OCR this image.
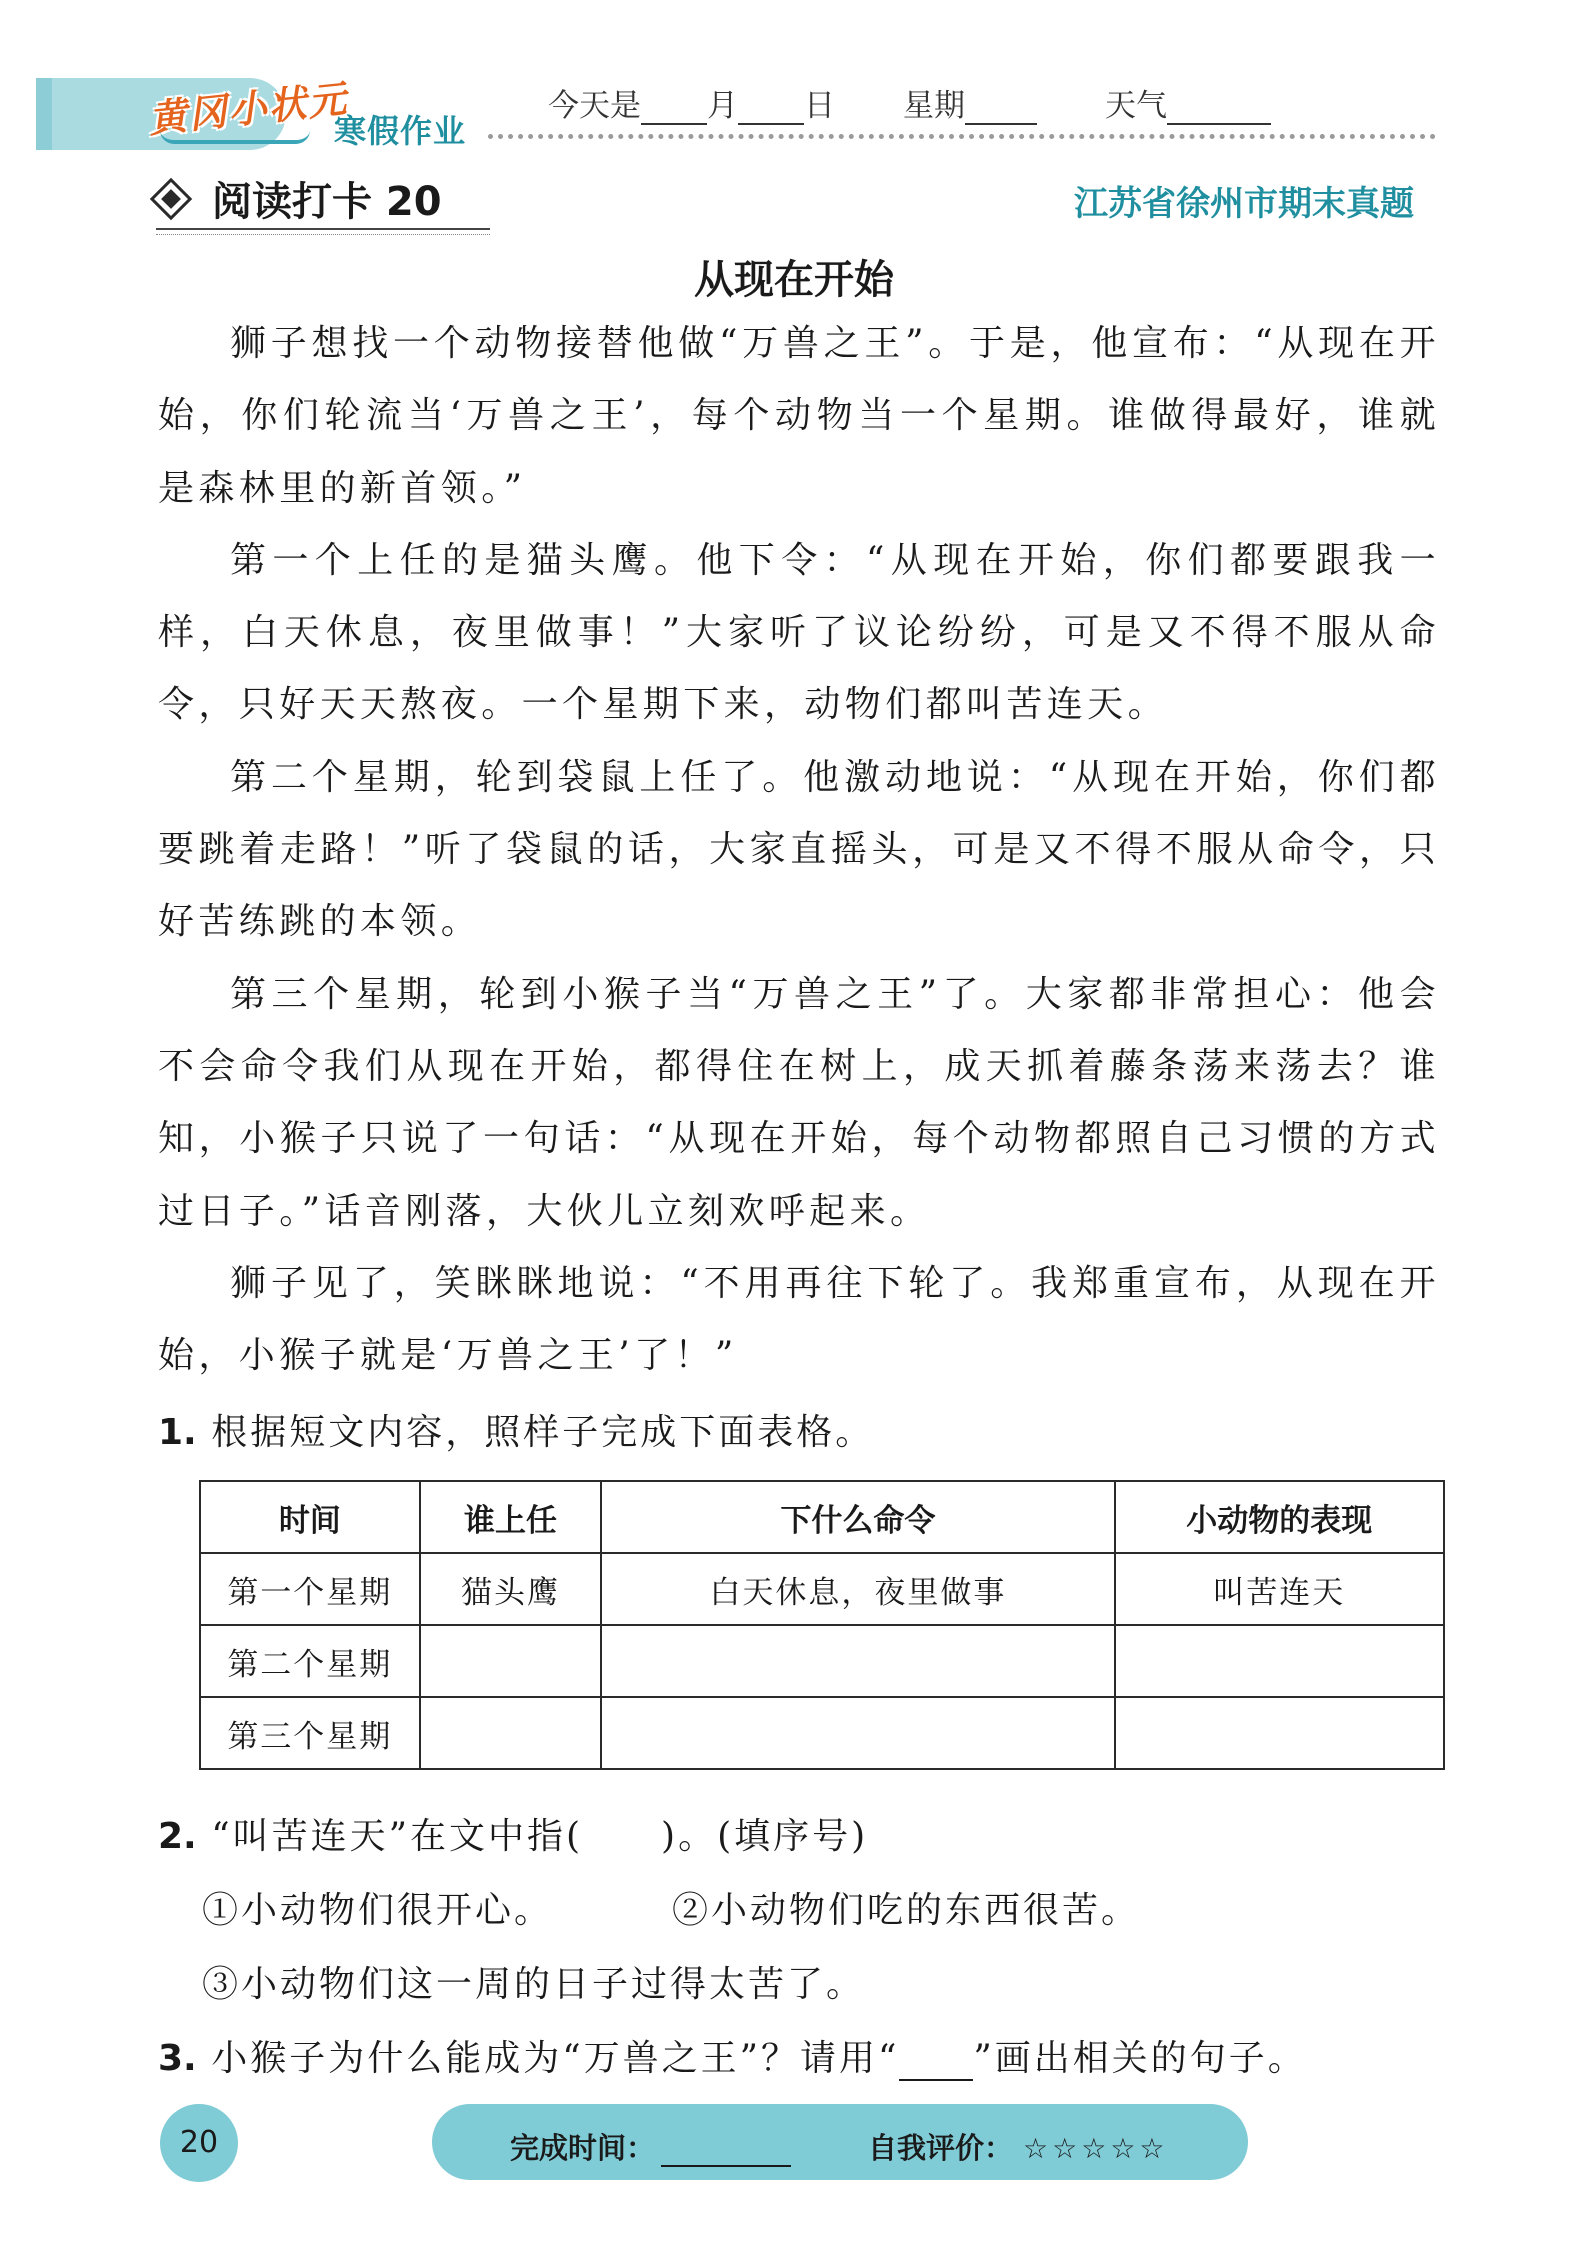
黄冈小状元
寒假作业
今天是 月 日 星期	天气
阅读打卡 20	江苏省徐州市期末真题
从现在开始

狮子想找一个动物接替他做“万兽之王”。于是，他宣布：“从现在开始，你们轮流当‘万兽之王’，每个动物当一个星期。谁做得最好，谁就是森林里的新首领。”

第一个上任的是猫头鹰。他下令：“从现在开始，你们都要跟我一样，白天休息，夜里做事！”大家听了议论纷纷，可是又不得不服从命令，只好天天熬夜。一个星期下来，动物们都叫苦连天。

第二个星期，轮到袋鼠上任了。他激动地说：“从现在开始，你们都要跳着走路！”听了袋鼠的话，大家直摇头，可是又不得不服从命令，只好苦练跳的本领。

第三个星期，轮到小猴子当“万兽之王”了。大家都非常担心：他会不会命令我们从现在开始，都得住在树上，成天抓着藤条荡来荡去？谁知，小猴子只说了一句话：“从现在开始，每个动物都照自己习惯的方式过日子。”话音刚落，大伙儿立刻欢呼起来。

狮子见了，笑眯眯地说：“不用再往下轮了。我郑重宣布，从现在开始，小猴子就是‘万兽之王’了！”

1. 根据短文内容，照样子完成下面表格。
时间	谁上任	下什么命令	小动物的表现
第一个星期	猫头鹰	白天休息，夜里做事	叫苦连天
第二个星期			
第三个星期			
2. “叫苦连天”在文中指(　　)。(填序号)
①小动物们很开心。	②小动物们吃的东西很苦。
③小动物们这一周的日子过得太苦了。
3. 小猴子为什么能成为“万兽之王”？请用“ ”画出相关的句子。
20	完成时间：	自我评价： ☆☆☆☆☆
